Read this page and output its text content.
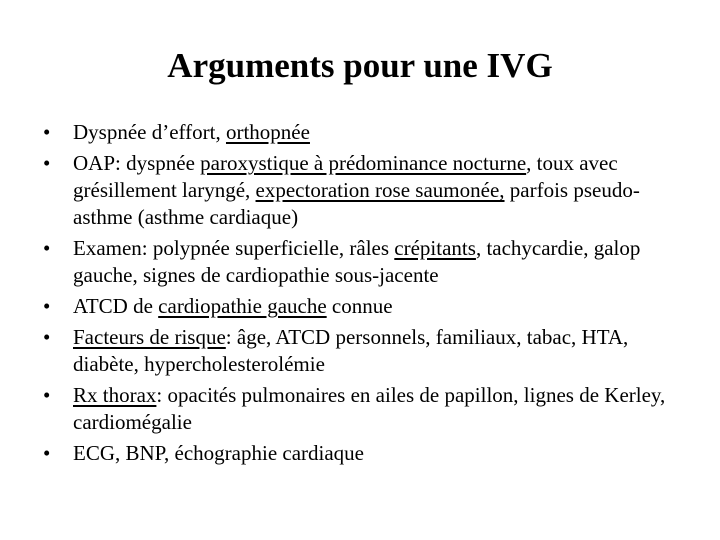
Arguments pour une IVG
•	Dyspnée d’effort, orthopnée
•	OAP: dyspnée paroxystique à prédominance nocturne, toux avec grésillement laryngé, expectoration rose saumonée, parfois pseudo-asthme (asthme cardiaque)
•	Examen: polypnée superficielle, râles crépitants, tachycardie, galop gauche, signes de cardiopathie sous-jacente
•	ATCD de cardiopathie gauche connue
•	Facteurs de risque: âge, ATCD personnels, familiaux, tabac, HTA, diabète, hypercholesterolémie
•	Rx thorax: opacités pulmonaires en ailes de papillon, lignes de Kerley, cardiomégalie
•	ECG, BNP, échographie cardiaque
